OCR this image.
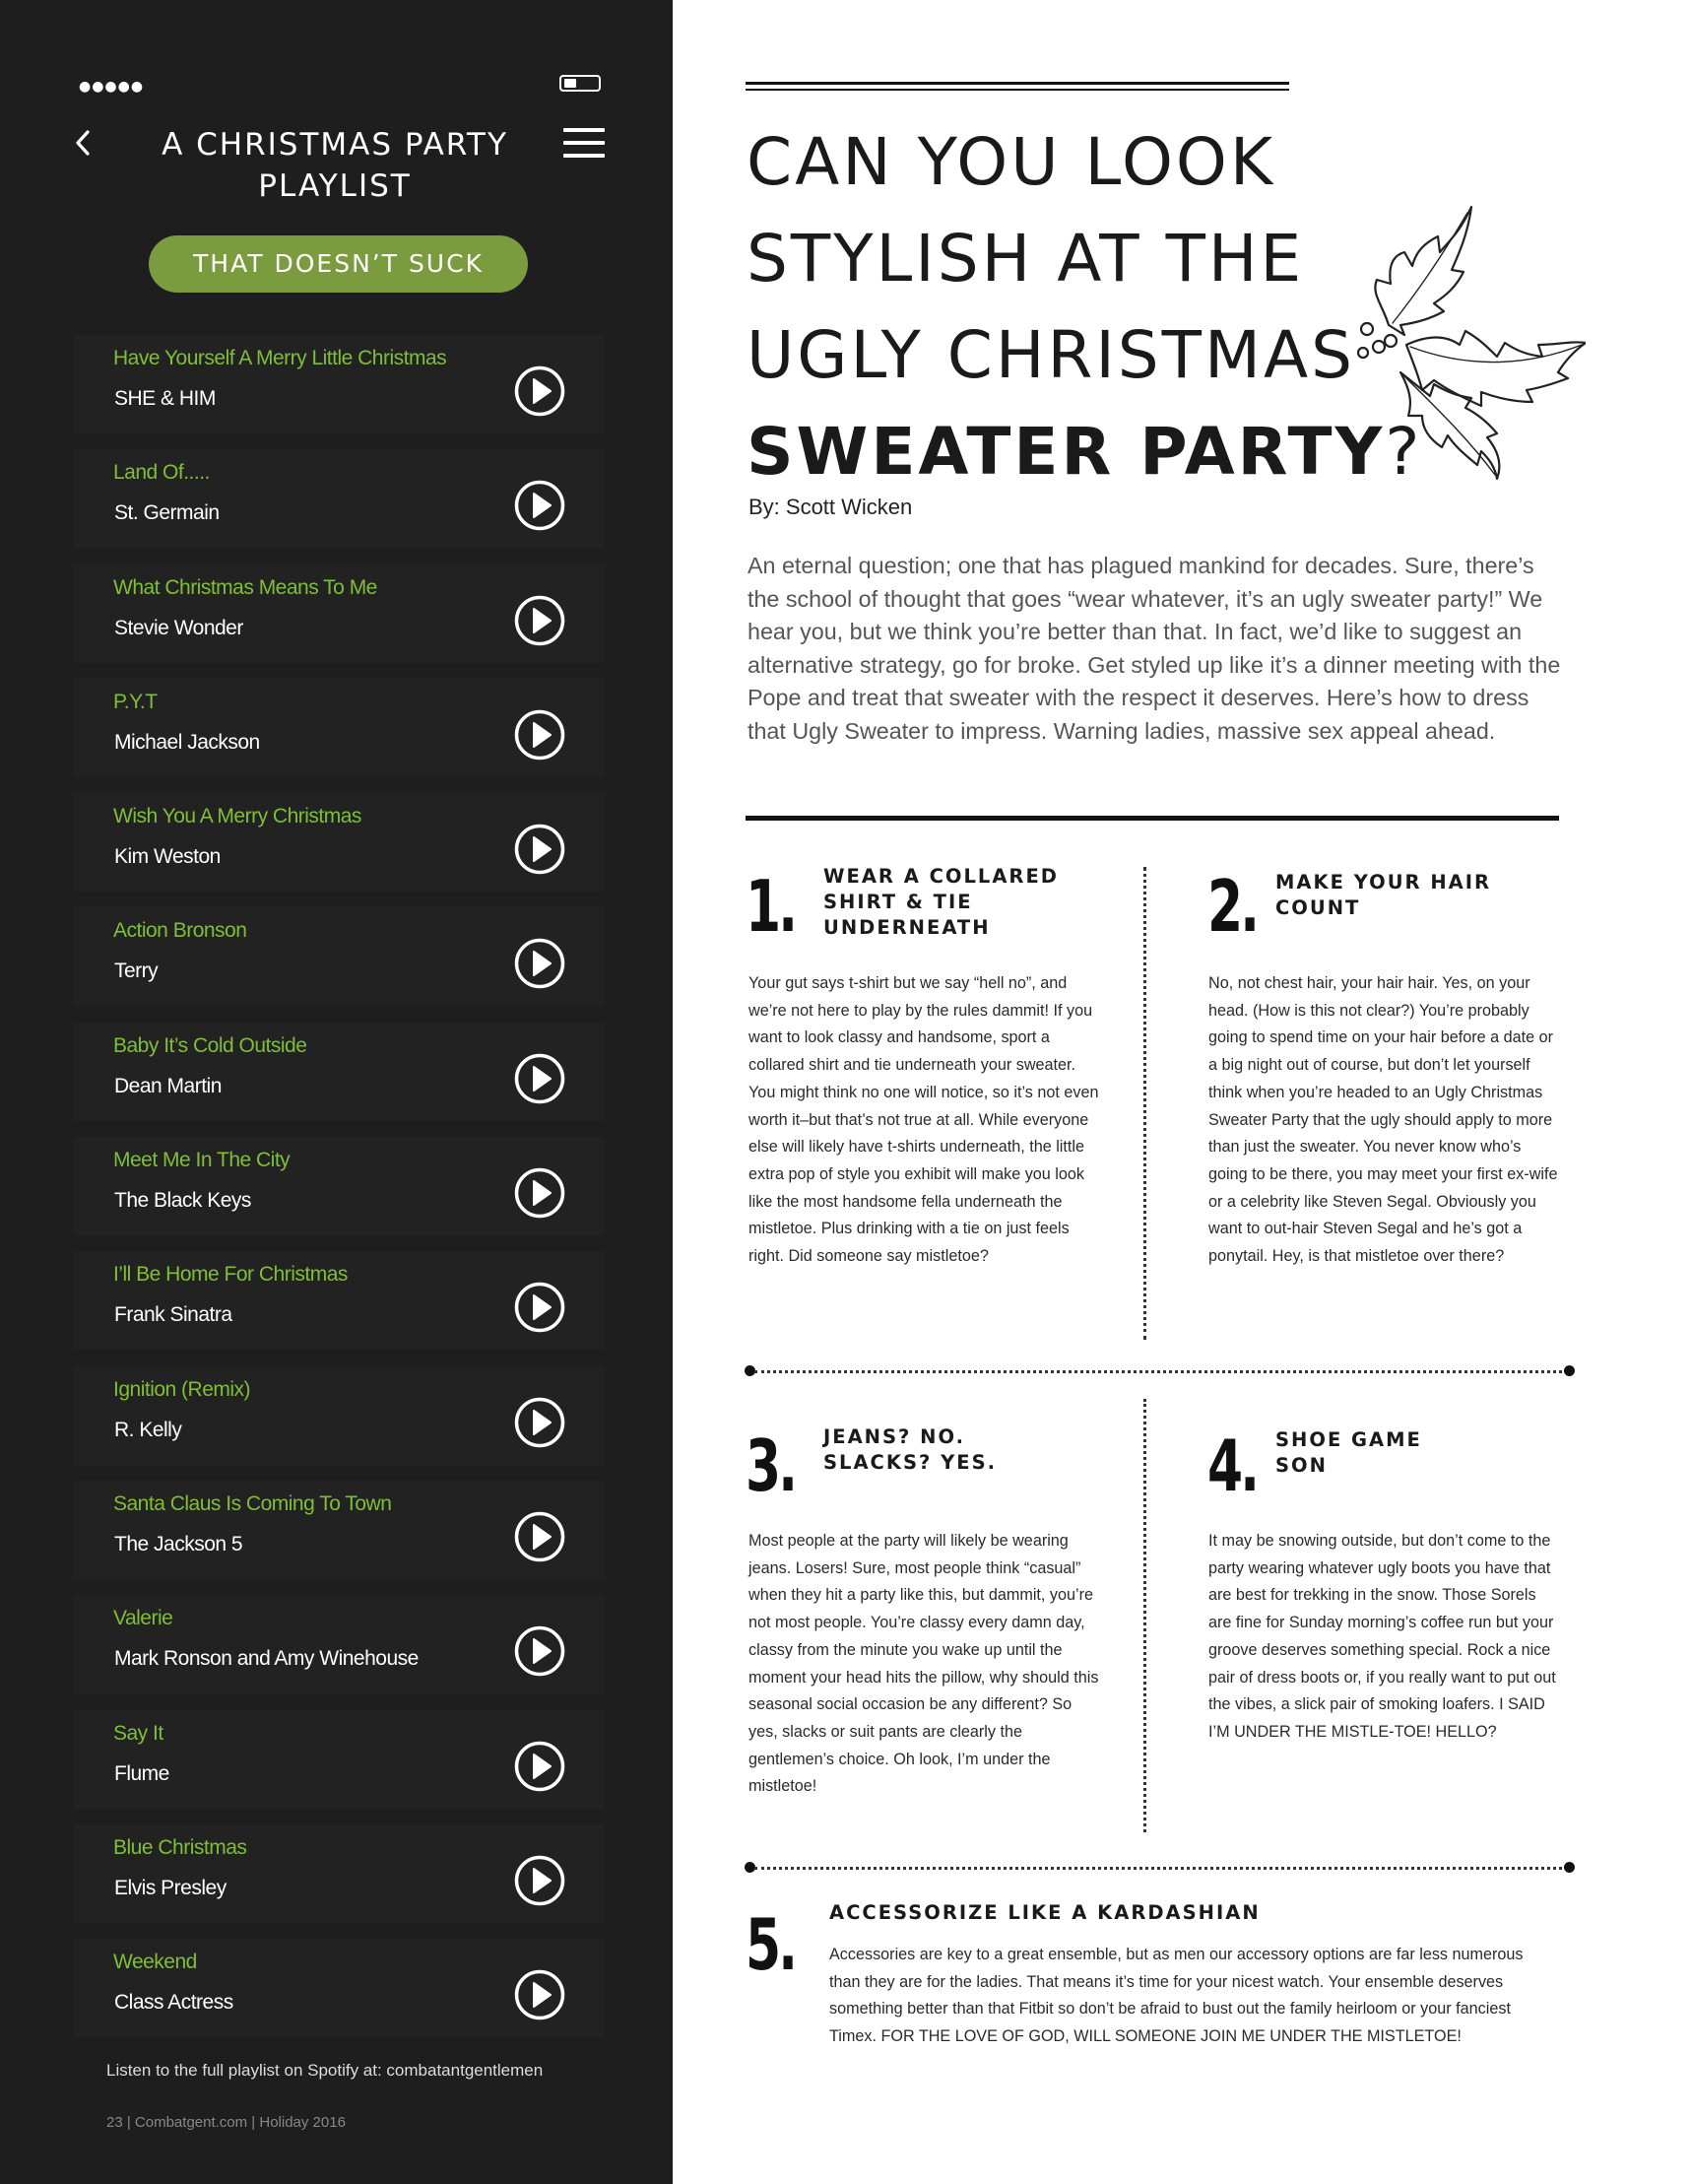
●●●●●
A CHRISTMAS PARTY
PLAYLIST
THAT DOESN’T SUCK
Have Yourself A Merry Little Christmas
SHE & HIM
Land Of.....
St. Germain
What Christmas Means To Me
Stevie Wonder
P.Y.T
Michael Jackson
Wish You A Merry Christmas
Kim Weston
Action Bronson
Terry
Baby It’s Cold Outside
Dean Martin
Meet Me In The City
The Black Keys
I’ll Be Home For Christmas
Frank Sinatra
Ignition (Remix)
R. Kelly
Santa Claus Is Coming To Town
The Jackson 5
Valerie
Mark Ronson and Amy Winehouse
Say It
Flume
Blue Christmas
Elvis Presley
Weekend
Class Actress
Listen to the full playlist on Spotify at: combatantgentlemen
23 | Combatgent.com | Holiday 2016
CAN YOU LOOK
STYLISH AT THE
UGLY CHRISTMAS
SWEATER PARTY?
By: Scott Wicken
An eternal question; one that has plagued mankind for decades. Sure, there’s the school of thought that goes “wear whatever, it’s an ugly sweater party!” We hear you, but we think you’re better than that. In fact, we’d like to suggest an alternative strategy, go for broke. Get styled up like it’s a dinner meeting with the Pope and treat that sweater with the respect it deserves. Here’s how to dress that Ugly Sweater to impress. Warning ladies, massive sex appeal ahead.
1. WEAR A COLLARED SHIRT & TIE UNDERNEATH
Your gut says t-shirt but we say “hell no”, and we’re not here to play by the rules dammit! If you want to look classy and handsome, sport a collared shirt and tie underneath your sweater. You might think no one will notice, so it’s not even worth it–but that’s not true at all. While everyone else will likely have t-shirts underneath, the little extra pop of style you exhibit will make you look like the most handsome fella underneath the mistletoe. Plus drinking with a tie on just feels right. Did someone say mistletoe?
2. MAKE YOUR HAIR COUNT
No, not chest hair, your hair hair. Yes, on your head. (How is this not clear?) You’re probably going to spend time on your hair before a date or a big night out of course, but don’t let yourself think when you’re headed to an Ugly Christmas Sweater Party that the ugly should apply to more than just the sweater. You never know who’s going to be there, you may meet your first ex-wife or a celebrity like Steven Segal. Obviously you want to out-hair Steven Segal and he’s got a ponytail. Hey, is that mistletoe over there?
3. JEANS? NO. SLACKS? YES.
Most people at the party will likely be wearing jeans. Losers! Sure, most people think “casual” when they hit a party like this, but dammit, you’re not most people. You’re classy every damn day, classy from the minute you wake up until the moment your head hits the pillow, why should this seasonal social occasion be any different? So yes, slacks or suit pants are clearly the gentlemen’s choice. Oh look, I’m under the mistletoe!
4. SHOE GAME SON
It may be snowing outside, but don’t come to the party wearing whatever ugly boots you have that are best for trekking in the snow. Those Sorels are fine for Sunday morning’s coffee run but your groove deserves something special. Rock a nice pair of dress boots or, if you really want to put out the vibes, a slick pair of smoking loafers. I SAID I’M UNDER THE MISTLE-TOE! HELLO?
5. ACCESSORIZE LIKE A KARDASHIAN
Accessories are key to a great ensemble, but as men our accessory options are far less numerous than they are for the ladies. That means it’s time for your nicest watch. Your ensemble deserves something better than that Fitbit so don’t be afraid to bust out the family heirloom or your fanciest Timex. FOR THE LOVE OF GOD, WILL SOMEONE JOIN ME UNDER THE MISTLETOE!
